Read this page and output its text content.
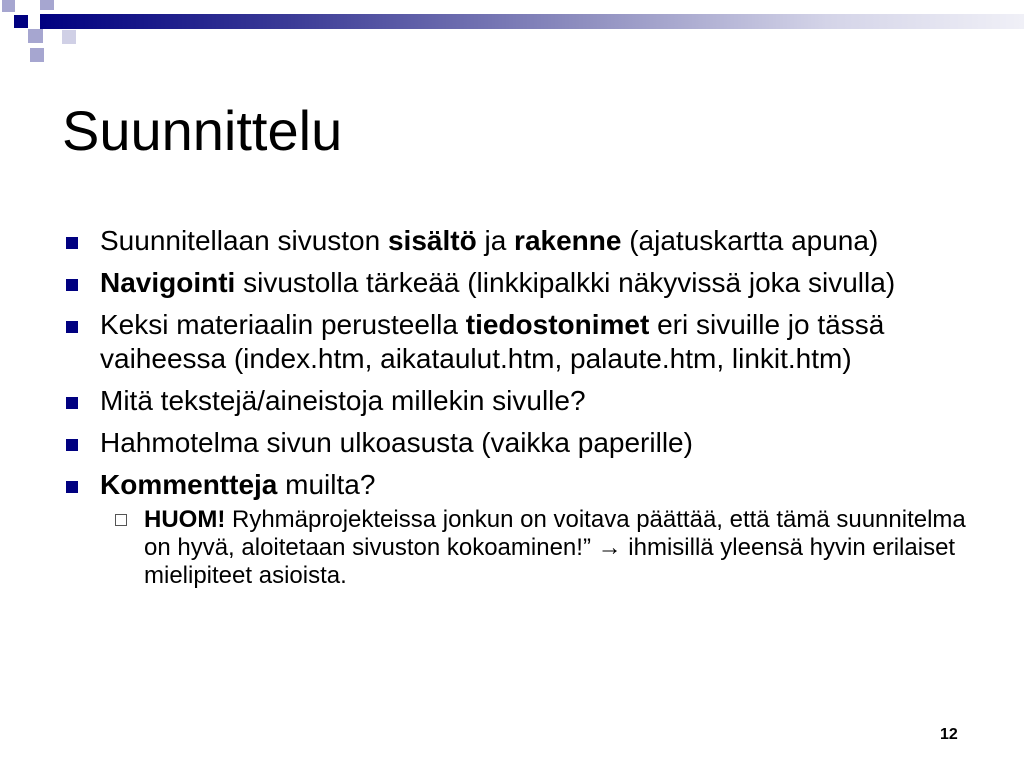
Suunnittelu
Suunnitellaan sivuston sisältö ja rakenne (ajatuskartta apuna)
Navigointi sivustolla tärkeää (linkkipalkki näkyvissä joka sivulla)
Keksi materiaalin perusteella tiedostonimet eri sivuille jo tässä vaiheessa (index.htm, aikataulut.htm, palaute.htm, linkit.htm)
Mitä tekstejä/aineistoja millekin sivulle?
Hahmotelma sivun ulkoasusta (vaikka paperille)
Kommentteja muilta?
HUOM! Ryhmäprojekteissa jonkun on voitava päättää, että tämä suunnitelma on hyvä, aloitetaan sivuston kokoaminen!” → ihmisillä yleensä hyvin erilaiset mielipiteet asioista.
12
